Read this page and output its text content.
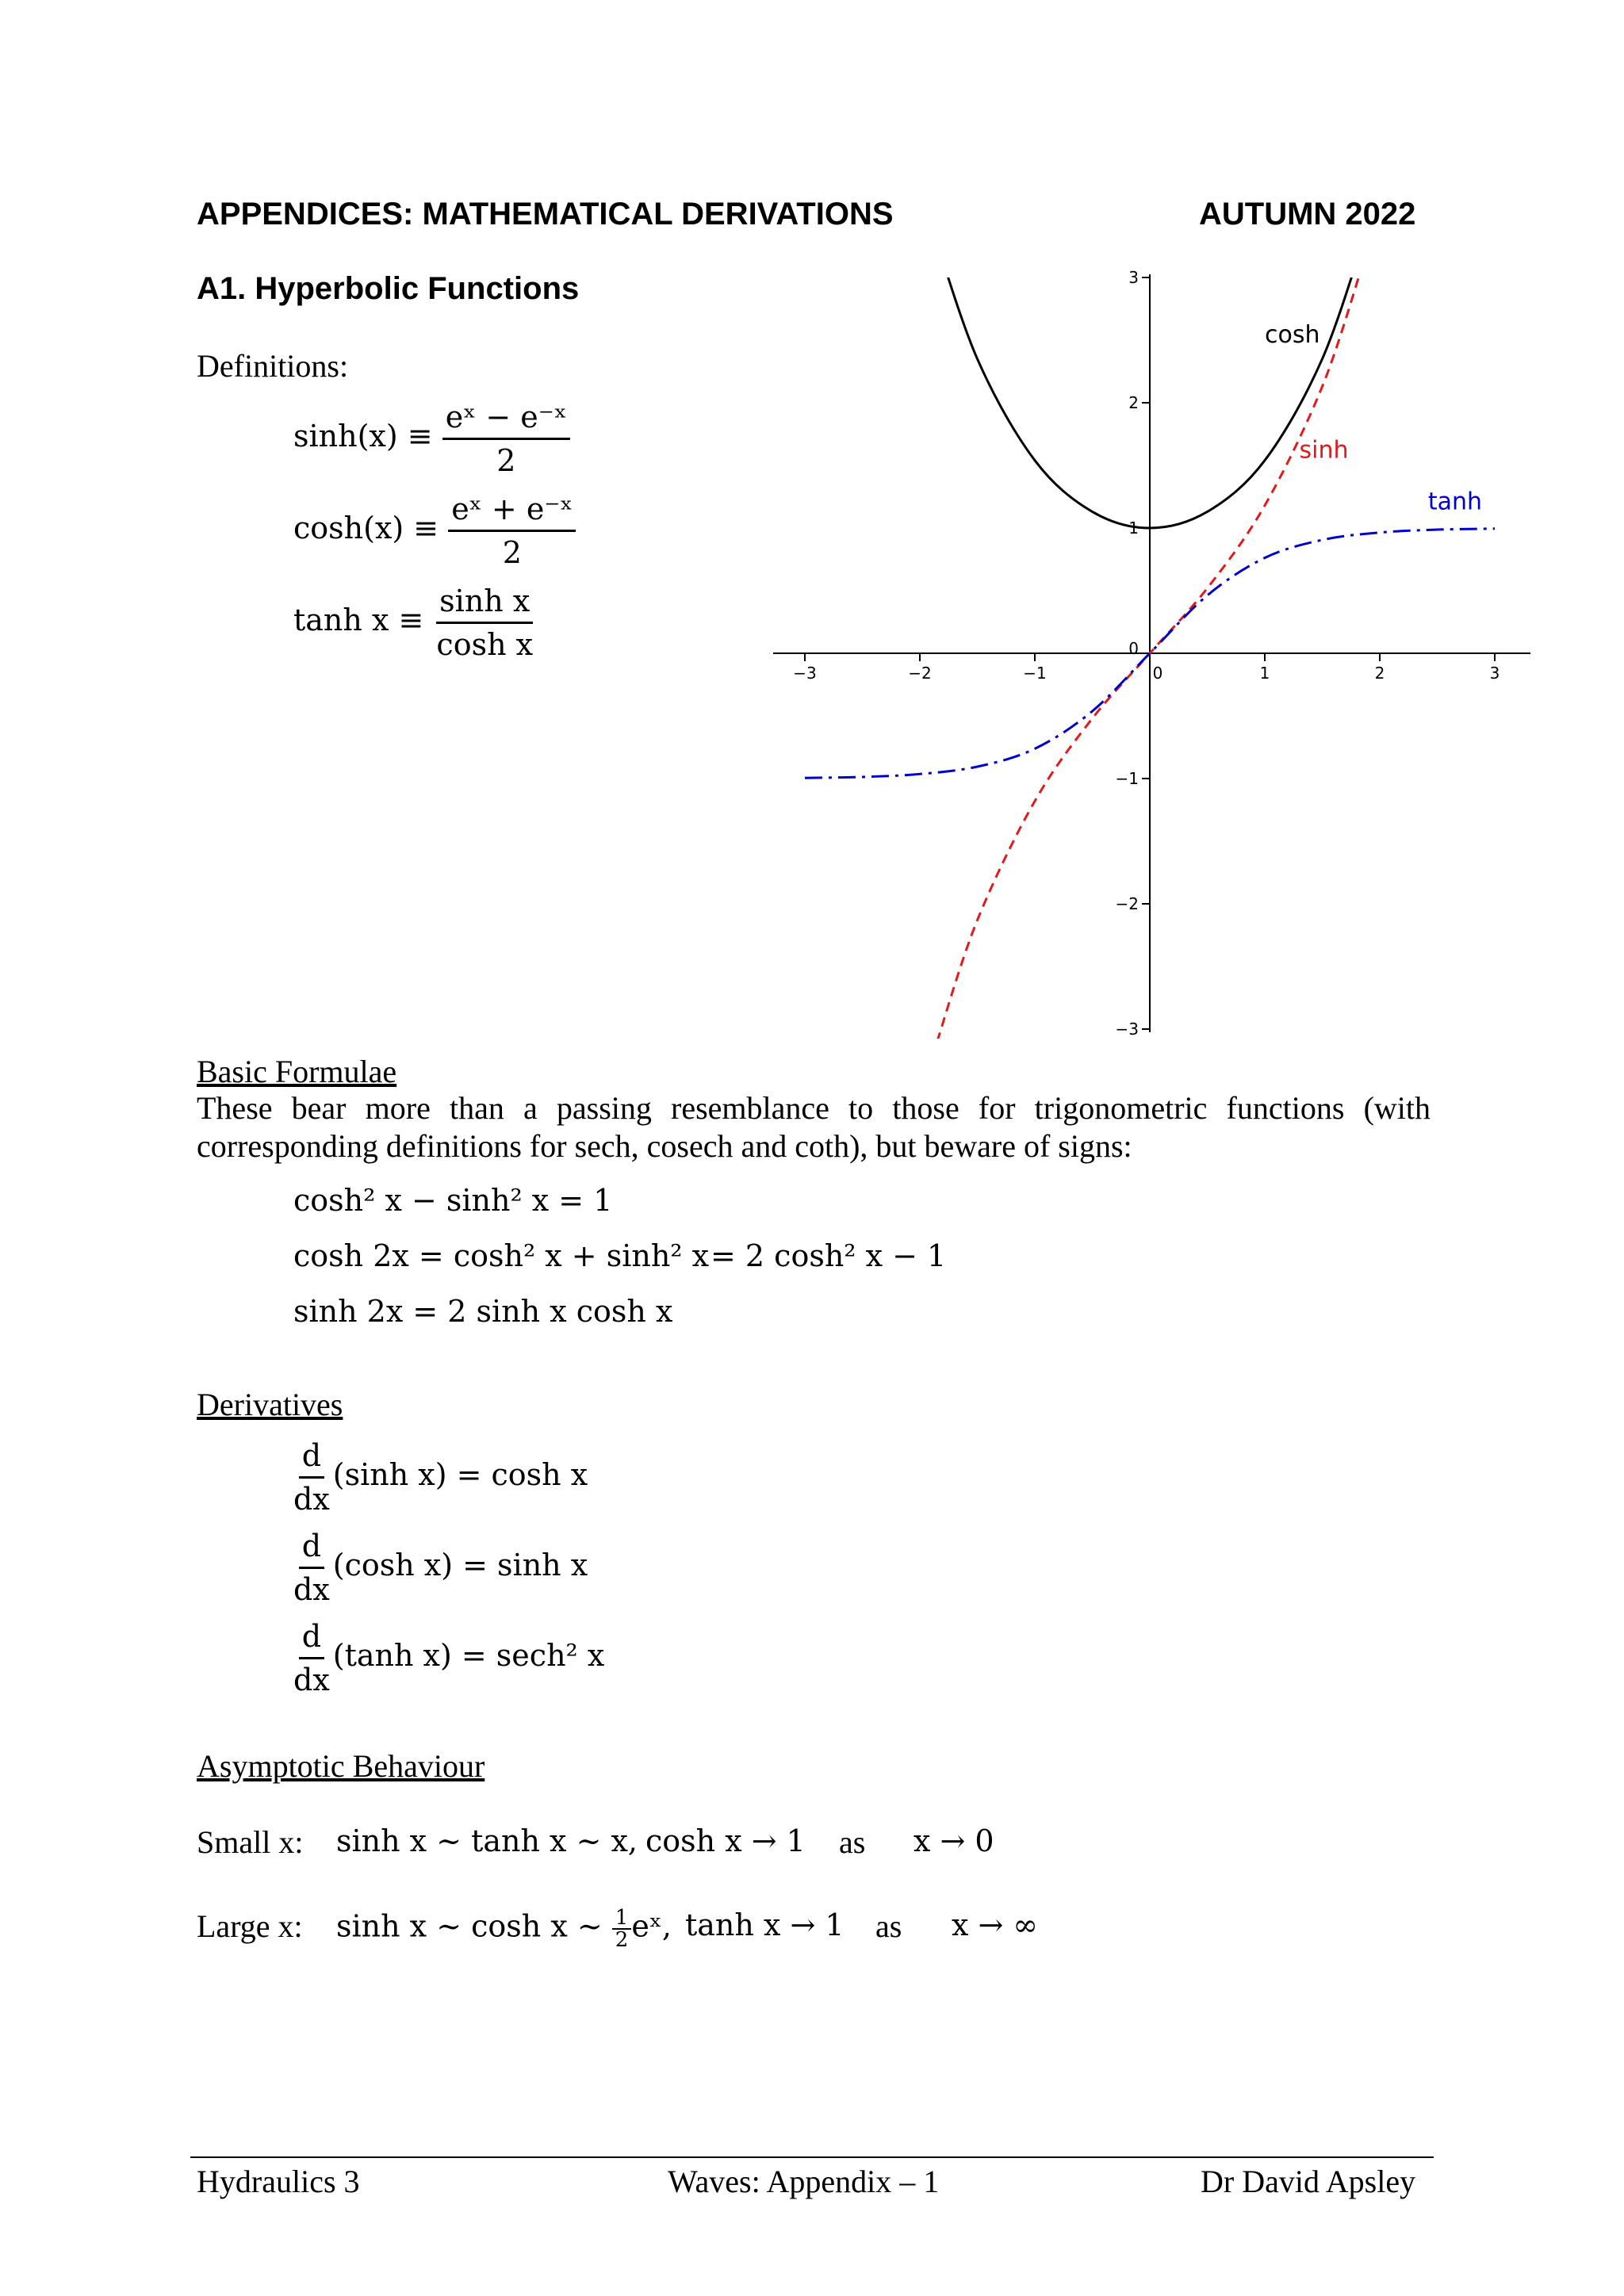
APPENDICES: MATHEMATICAL DERIVATIONS	AUTUMN 2022
A1. Hyperbolic Functions
Definitions:
$\sinh(x) \equiv \frac{\text{eˣ − e⁻ˣ}}{2}$
$\cosh(x) \equiv \frac{\text{eˣ + e⁻ˣ}}{2}$
$\tanh x \equiv \frac{\text{sinh x}}{\text{cosh x}}$
−3	−2	−1	0	1	2	3
−3
−2
−1
0
1
2
3
cosh
sinh
tanh
Basic Formulae
These bear more than a passing resemblance to those for trigonometric functions (with corresponding definitions for sech, cosech and coth), but beware of signs:
cosh² x − sinh² x = 1
cosh 2x = cosh² x + sinh² x = 2 cosh² x − 1
sinh 2x = 2 sinh x cosh x
Derivatives
$\frac{d}{dx} (\sinh$ x) = cosh x
$\frac{d}{dx} (\cosh$ x) = sinh x
$\frac{d}{dx} (\tanh$ x) = sech² x
Asymptotic Behaviour
Small x: sinh x ~ tanh x ~ x, cosh x → 1 as x → 0
Large x: sinh x ~ cosh x ~ $\frac{1}{2}$ eˣ, tanh x → 1 as x → ∞
Hydraulics 3	Waves: Appendix – 1	Dr David Apsley
